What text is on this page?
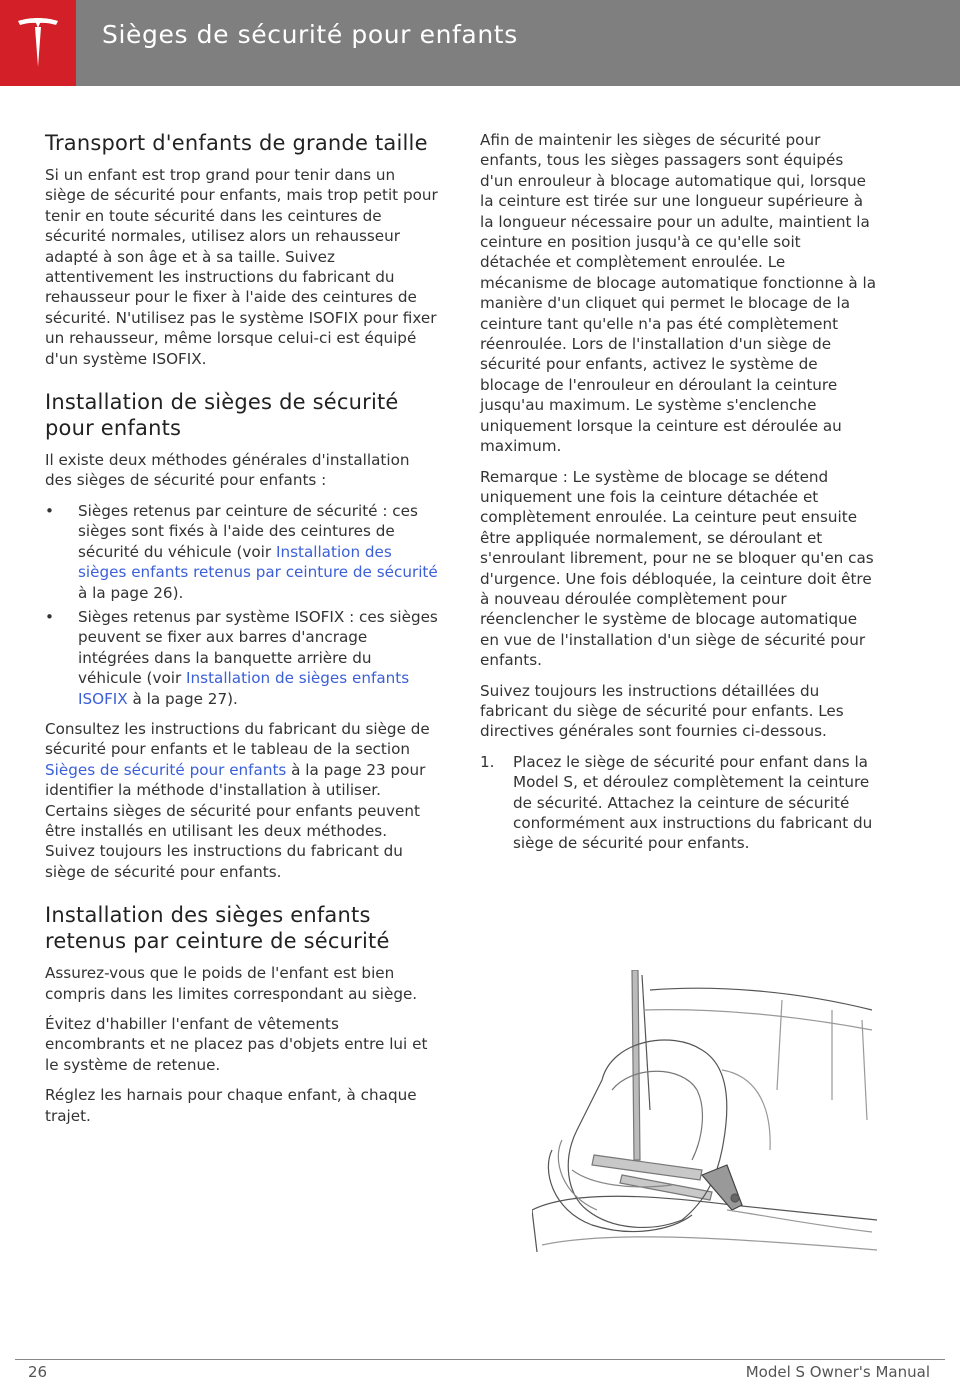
Sièges de sécurité pour enfants
Transport d'enfants de grande taille

Si un enfant est trop grand pour tenir dans un siège de sécurité pour enfants, mais trop petit pour tenir en toute sécurité dans les ceintures de sécurité normales, utilisez alors un rehausseur adapté à son âge et à sa taille. Suivez attentivement les instructions du fabricant du rehausseur pour le fixer à l'aide des ceintures de sécurité. N'utilisez pas le système ISOFIX pour fixer un rehausseur, même lorsque celui-ci est équipé d'un système ISOFIX.

Installation de sièges de sécurité pour enfants

Il existe deux méthodes générales d'installation des sièges de sécurité pour enfants :

• Sièges retenus par ceinture de sécurité : ces sièges sont fixés à l'aide des ceintures de sécurité du véhicule (voir Installation des sièges enfants retenus par ceinture de sécurité à la page 26).
• Sièges retenus par système ISOFIX : ces sièges peuvent se fixer aux barres d'ancrage intégrées dans la banquette arrière du véhicule (voir Installation de sièges enfants ISOFIX à la page 27).

Consultez les instructions du fabricant du siège de sécurité pour enfants et le tableau de la section Sièges de sécurité pour enfants à la page 23 pour identifier la méthode d'installation à utiliser. Certains sièges de sécurité pour enfants peuvent être installés en utilisant les deux méthodes. Suivez toujours les instructions du fabricant du siège de sécurité pour enfants.

Installation des sièges enfants retenus par ceinture de sécurité

Assurez-vous que le poids de l'enfant est bien compris dans les limites correspondant au siège.

Évitez d'habiller l'enfant de vêtements encombrants et ne placez pas d'objets entre lui et le système de retenue.

Réglez les harnais pour chaque enfant, à chaque trajet.

Afin de maintenir les sièges de sécurité pour enfants, tous les sièges passagers sont équipés d'un enrouleur à blocage automatique qui, lorsque la ceinture est tirée sur une longueur supérieure à la longueur nécessaire pour un adulte, maintient la ceinture en position jusqu'à ce qu'elle soit détachée et complètement enroulée. Le mécanisme de blocage automatique fonctionne à la manière d'un cliquet qui permet le blocage de la ceinture tant qu'elle n'a pas été complètement réenroulée. Lors de l'installation d'un siège de sécurité pour enfants, activez le système de blocage de l'enrouleur en déroulant la ceinture jusqu'au maximum. Le système s'enclenche uniquement lorsque la ceinture est déroulée au maximum.

Remarque : Le système de blocage se détend uniquement une fois la ceinture détachée et complètement enroulée. La ceinture peut ensuite être appliquée normalement, se déroulant et s'enroulant librement, pour ne se bloquer qu'en cas d'urgence. Une fois débloquée, la ceinture doit être à nouveau déroulée complètement pour réenclencher le système de blocage automatique en vue de l'installation d'un siège de sécurité pour enfants.

Suivez toujours les instructions détaillées du fabricant du siège de sécurité pour enfants. Les directives générales sont fournies ci-dessous.

1. Placez le siège de sécurité pour enfant dans la Model S, et déroulez complètement la ceinture de sécurité. Attachez la ceinture de sécurité conformément aux instructions du fabricant du siège de sécurité pour enfants.
26	Model S Owner's Manual
